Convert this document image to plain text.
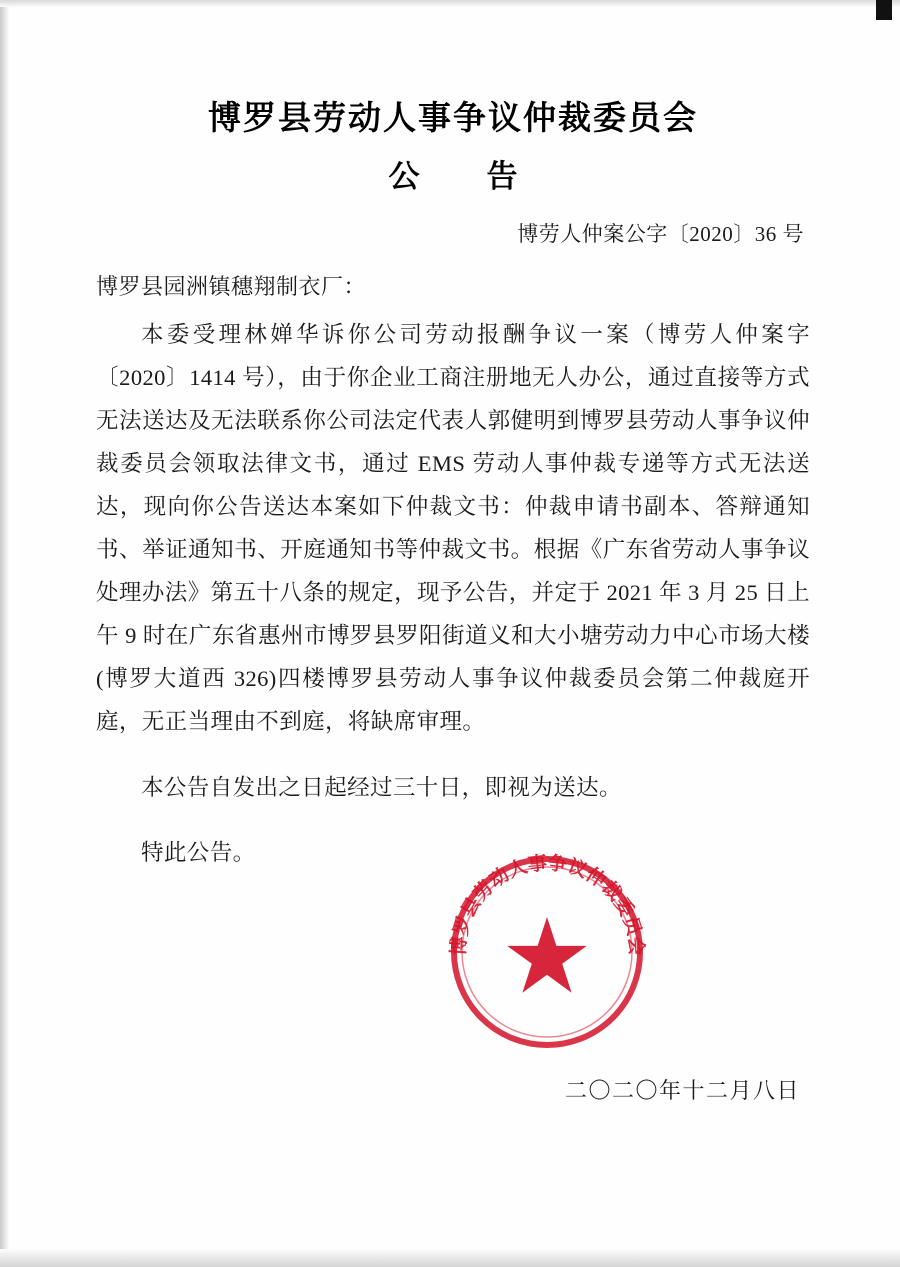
博罗县劳动人事争议仲裁委员会
公　告
博劳人仲案公字〔2020〕36 号
博罗县园洲镇穗翔制衣厂：

本委受理林婵华诉你公司劳动报酬争议一案（博劳人仲案字〔2020〕1414 号），由于你企业工商注册地无人办公，通过直接等方式无法送达及无法联系你公司法定代表人郭健明到博罗县劳动人事争议仲裁委员会领取法律文书，通过 EMS 劳动人事仲裁专递等方式无法送达，现向你公告送达本案如下仲裁文书：仲裁申请书副本、答辩通知书、举证通知书、开庭通知书等仲裁文书。根据《广东省劳动人事争议处理办法》第五十八条的规定，现予公告，并定于 2021 年 3 月 25 日上午 9 时在广东省惠州市博罗县罗阳街道义和大小塘劳动力中心市场大楼(博罗大道西 326)四楼博罗县劳动人事争议仲裁委员会第二仲裁庭开庭，无正当理由不到庭，将缺席审理。

本公告自发出之日起经过三十日，即视为送达。

特此公告。

二〇二〇年十二月八日
博罗县劳动人事争议仲裁委员会
